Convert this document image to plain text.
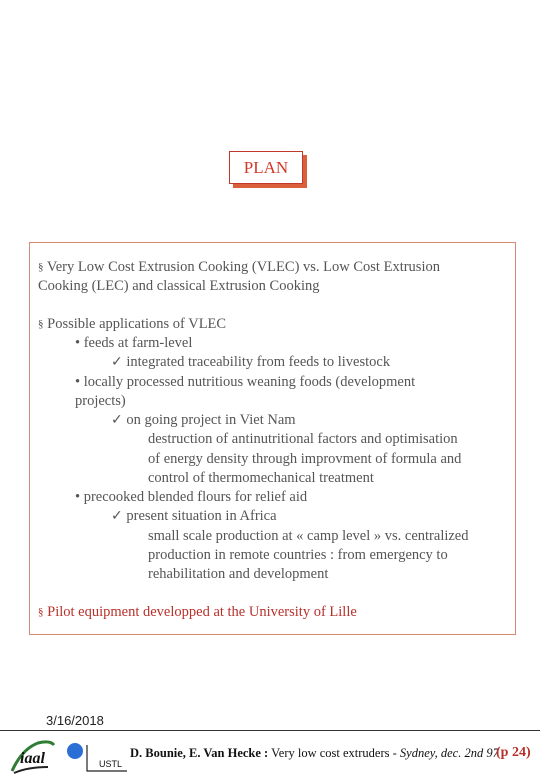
PLAN
§ Very Low Cost Extrusion Cooking (VLEC) vs. Low Cost Extrusion
Cooking (LEC) and classical Extrusion Cooking
§ Possible applications of VLEC
• feeds at farm-level
✓ integrated traceability from feeds to livestock
• locally processed nutritious weaning foods (development
projects)
✓ on going project in Viet Nam
destruction of antinutritional factors and optimisation
of energy density through improvment of formula and
control of thermomechanical treatment
• precooked blended flours for relief aid
✓ present situation in Africa
small scale production at « camp level » vs. centralized
production in remote countries : from emergency to
rehabilitation and development
§ Pilot equipment developped at the University of Lille
3/16/2018
iaal	USTL
D. Bounie, E. Van Hecke : Very low cost extruders - Sydney, dec. 2nd 97
(p 24)
